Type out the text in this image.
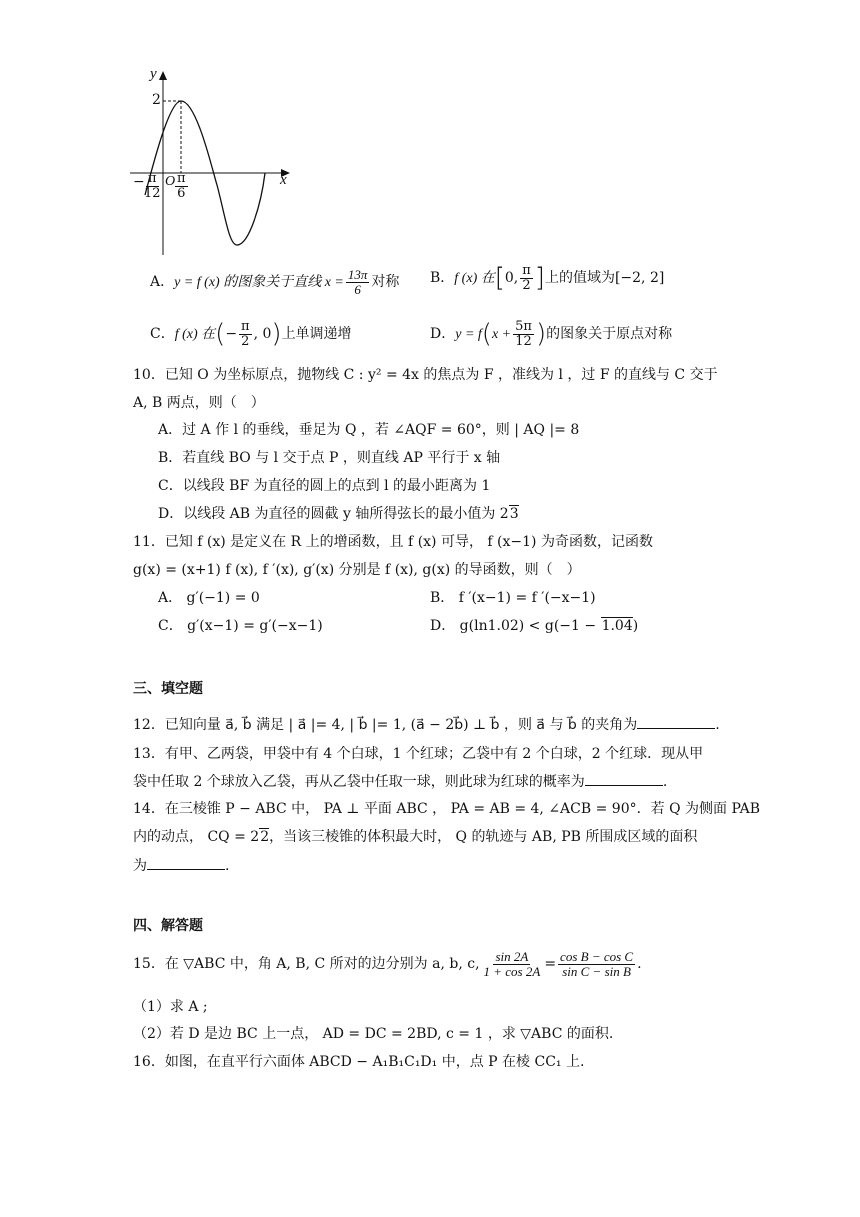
y
x
2
O
−
$\frac{\pi}{12} \frac{\pi}{6}$
A．y = f (x) 的图象关于直线 $x = \frac{13\pi}{6}$ 对称 B．f (x) 在[0, $\frac{\pi}{2}$ ]上的值域为[−2, 2]
C．f (x) 在(− $\frac{\pi}{2}$ , 0)上单调递增	D．$y = f(x + \frac{5\pi}{12}$ )的图象关于原点对称
10．已知 O 为坐标原点，抛物线 C : y² = 4x 的焦点为 F ，准线为 l ，过 F 的直线与 C 交于
A, B 两点，则（　）
A．过 A 作 l 的垂线，垂足为 Q ，若 ∠AQF = 60°，则 | AQ |= 8
B．若直线 BO 与 l 交于点 P ，则直线 AP 平行于 x 轴
C．以线段 BF 为直径的圆上的点到 l 的最小距离为 1
D．以线段 AB 为直径的圆截 y 轴所得弦长的最小值为 23
11．已知 f (x) 是定义在 R 上的增函数，且 f (x) 可导， f (x−1) 为奇函数，记函数
g(x) = (x+1) f (x), f ′(x), g′(x) 分别是 f (x), g(x) 的导函数，则（　）
A． g′(−1) = 0	B． f ′(x−1) = f ′(−x−1)
C． g′(x−1) = g′(−x−1)	D． g(ln1.02) < g(−1 − 1.04)
三、填空题
12．已知向量 a⃗, b⃗ 满足 | a⃗ |= 4, | b⃗ |= 1, (a⃗ − 2b⃗) ⊥ b⃗ ，则 a⃗ 与 b⃗ 的夹角为	.
13．有甲、乙两袋，甲袋中有 4 个白球，1 个红球；乙袋中有 2 个白球，2 个红球．现从甲
袋中任取 2 个球放入乙袋，再从乙袋中任取一球，则此球为红球的概率为	.
14．在三棱锥 P − ABC 中， PA ⊥ 平面 ABC ， PA = AB = 4, ∠ACB = 90°．若 Q 为侧面 PAB
内的动点， CQ = 22，当该三棱锥的体积最大时， Q 的轨迹与 AB, PB 所围成区域的面积
为	.
四、解答题
15．在 ▽ABC 中，角 A, B, C 所对的边分别为 a, b, c, $\frac{\sin 2A}{1 + \cos 2A} = \frac{\text{cos B − cos C}}{\text{sin C − sin B}}$ .
（1）求 A ;
（2）若 D 是边 BC 上一点， AD = DC = 2BD, c = 1 ，求 ▽ABC 的面积.
16．如图，在直平行六面体 ABCD − A₁B₁C₁D₁ 中，点 P 在棱 CC₁ 上.
